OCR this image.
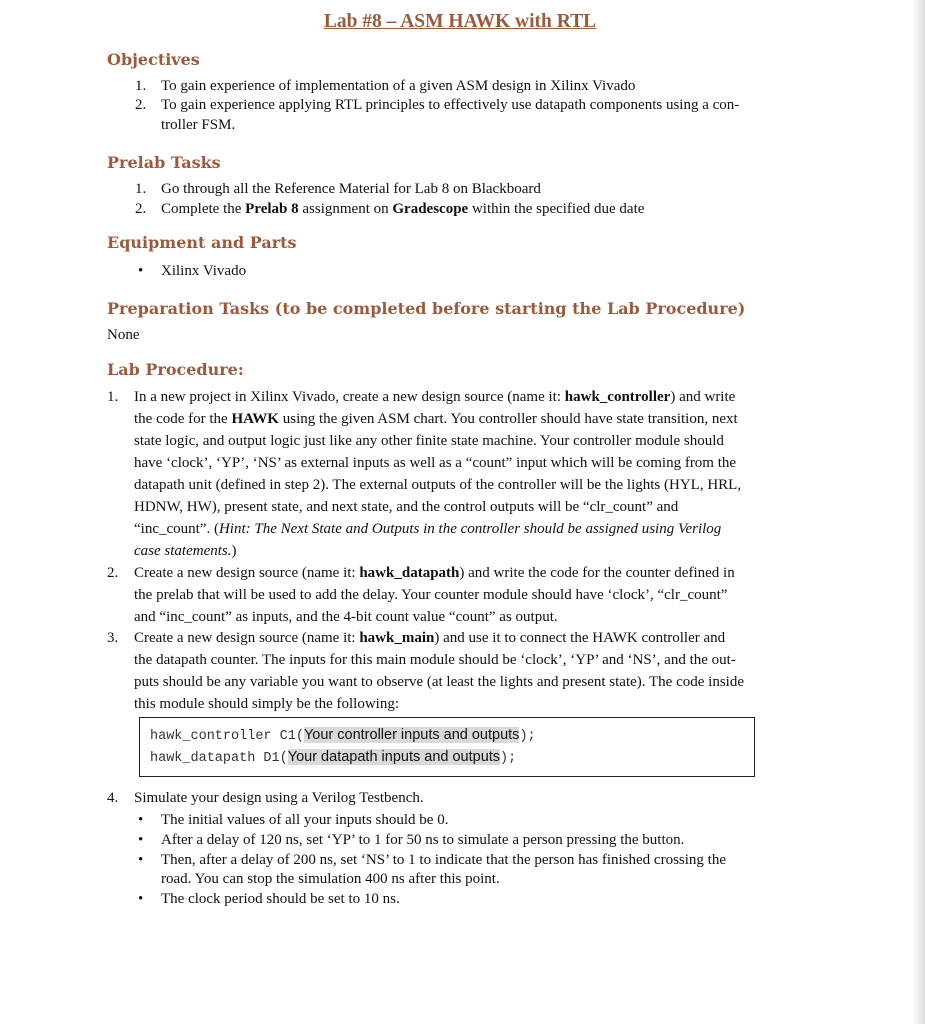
Lab #8 – ASM HAWK with RTL
Objectives
1. To gain experience of implementation of a given ASM design in Xilinx Vivado
2. To gain experience applying RTL principles to effectively use datapath components using a con-
troller FSM.
Prelab Tasks
1. Go through all the Reference Material for Lab 8 on Blackboard
2. Complete the Prelab 8 assignment on Gradescope within the specified due date
Equipment and Parts
• Xilinx Vivado
Preparation Tasks (to be completed before starting the Lab Procedure)
None
Lab Procedure:
1. In a new project in Xilinx Vivado, create a new design source (name it: hawk_controller) and write
the code for the HAWK using the given ASM chart. You controller should have state transition, next
state logic, and output logic just like any other finite state machine. Your controller module should
have ‘clock’, ‘YP’, ‘NS’ as external inputs as well as a “count” input which will be coming from the
datapath unit (defined in step 2). The external outputs of the controller will be the lights (HYL, HRL,
HDNW, HW), present state, and next state, and the control outputs will be “clr_count” and
“inc_count”. (Hint: The Next State and Outputs in the controller should be assigned using Verilog
case statements.)
2. Create a new design source (name it: hawk_datapath) and write the code for the counter defined in
the prelab that will be used to add the delay. Your counter module should have ‘clock’, “clr_count”
and “inc_count” as inputs, and the 4-bit count value “count” as output.
3. Create a new design source (name it: hawk_main) and use it to connect the HAWK controller and
the datapath counter. The inputs for this main module should be ‘clock’, ‘YP’ and ‘NS’, and the out-
puts should be any variable you want to observe (at least the lights and present state). The code inside
this module should simply be the following:
hawk_controller C1(Your controller inputs and outputs);
hawk_datapath D1(Your datapath inputs and outputs);
4. Simulate your design using a Verilog Testbench.
• The initial values of all your inputs should be 0.
• After a delay of 120 ns, set ‘YP’ to 1 for 50 ns to simulate a person pressing the button.
• Then, after a delay of 200 ns, set ‘NS’ to 1 to indicate that the person has finished crossing the
road. You can stop the simulation 400 ns after this point.
• The clock period should be set to 10 ns.
